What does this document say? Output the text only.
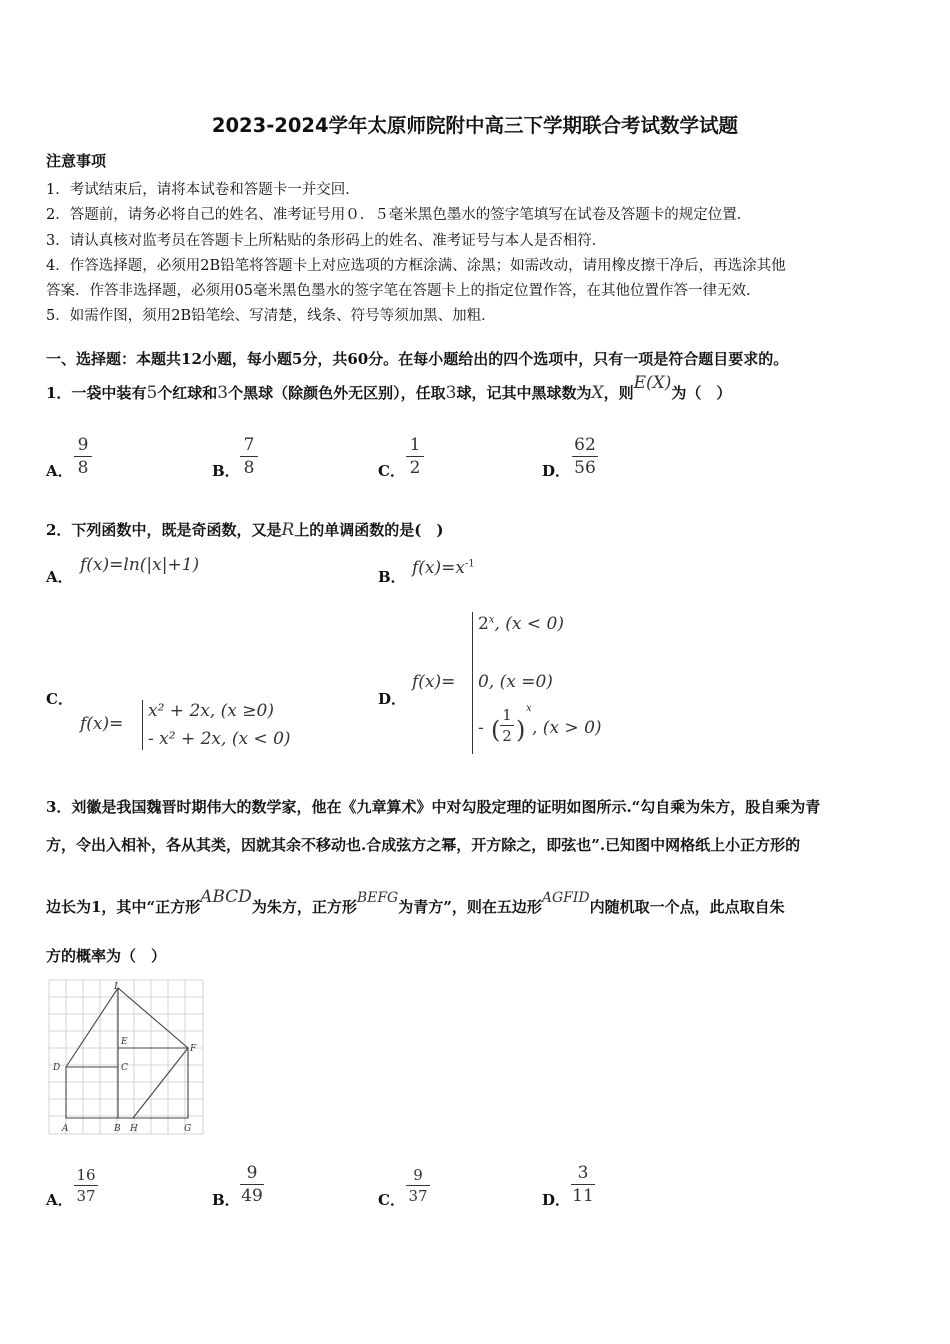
2023-2024学年太原师院附中高三下学期联合考试数学试题
注意事项
1．考试结束后，请将本试卷和答题卡一并交回．
2．答题前，请务必将自己的姓名、准考证号用０．５毫米黑色墨水的签字笔填写在试卷及答题卡的规定位置．
3．请认真核对监考员在答题卡上所粘贴的条形码上的姓名、准考证号与本人是否相符．
4．作答选择题，必须用2B铅笔将答题卡上对应选项的方框涂满、涂黑；如需改动，请用橡皮擦干净后，再选涂其他
答案．作答非选择题，必须用05毫米黑色墨水的签字笔在答题卡上的指定位置作答，在其他位置作答一律无效．
5．如需作图，须用2B铅笔绘、写清楚，线条、符号等须加黑、加粗．
一、选择题：本题共12小题，每小题5分，共60分。在每小题给出的四个选项中，只有一项是符合题目要求的。
1．一袋中装有5个红球和3个黑球（除颜色外无区别），任取3球，记其中黑球数为X，则E(X)为（　）
A．
9
8	B．
7
8	C．
1
2	D．
62
56
2．下列函数中，既是奇函数，又是R上的单调函数的是(　)
A．
f(x)=ln(|x|+1)
B． $f(x)=x^{-1}$
C．
f(x)=
x² + 2x, (x ≥0)
- x² + 2x, (x < 0)
D．
f(x)=
$2^x$, (x < 0)
0, (x =0)
- (
1
2 )
x
, (x > 0)
3．刘徽是我国魏晋时期伟大的数学家，他在《九章算术》中对勾股定理的证明如图所示.“勾自乘为朱方，股自乘为青
方，令出入相补，各从其类，因就其余不移动也.合成弦方之幂，开方除之，即弦也”.已知图中网格纸上小正方形的
边长为1，其中“正方形ABCD为朱方，正方形BEFG为青方”，则在五边形AGFID内随机取一个点，此点取自朱
方的概率为（　）
I
E
F
D	C
A	B H	G
A．
16
37	B．
9
49	C．
9
37	D．
3
11
